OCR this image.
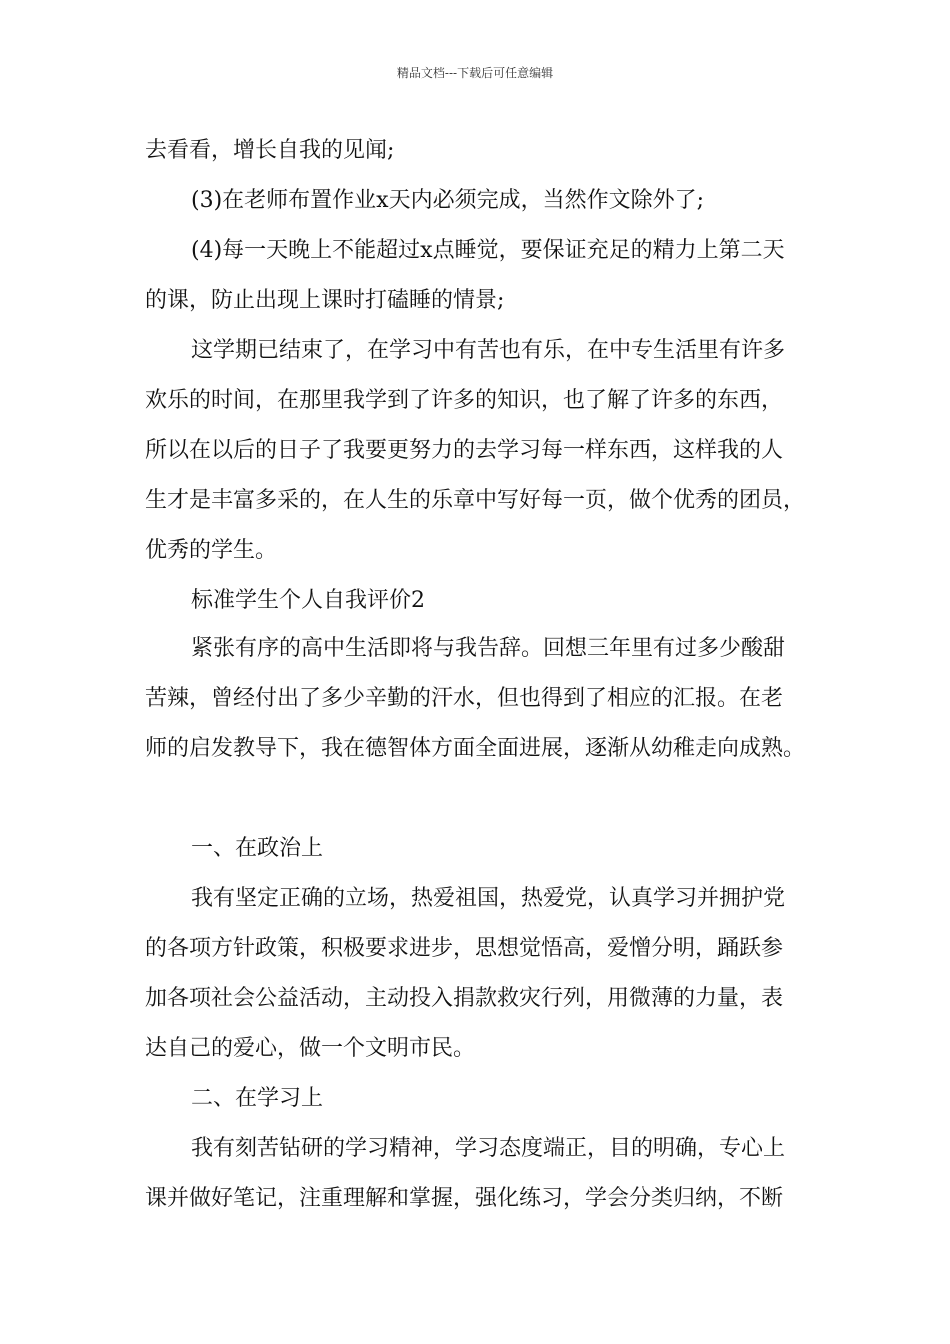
精品文档---下载后可任意编辑
去看看，增长自我的见闻;
(3)在老师布置作业x天内必须完成，当然作文除外了;
(4)每一天晚上不能超过x点睡觉，要保证充足的精力上第二天
的课，防止出现上课时打磕睡的情景;
这学期已结束了，在学习中有苦也有乐，在中专生活里有许多
欢乐的时间，在那里我学到了许多的知识，也了解了许多的东西，
所以在以后的日子了我要更努力的去学习每一样东西，这样我的人
生才是丰富多采的，在人生的乐章中写好每一页，做个优秀的团员，
优秀的学生。
标准学生个人自我评价2
紧张有序的高中生活即将与我告辞。回想三年里有过多少酸甜
苦辣，曾经付出了多少辛勤的汗水，但也得到了相应的汇报。在老
师的启发教导下，我在德智体方面全面进展，逐渐从幼稚走向成熟。
一、在政治上
我有坚定正确的立场，热爱祖国，热爱党，认真学习并拥护党
的各项方针政策，积极要求进步，思想觉悟高，爱憎分明，踊跃参
加各项社会公益活动，主动投入捐款救灾行列，用微薄的力量，表
达自己的爱心，做一个文明市民。
二、在学习上
我有刻苦钻研的学习精神，学习态度端正，目的明确，专心上
课并做好笔记，注重理解和掌握，强化练习，学会分类归纳，不断
